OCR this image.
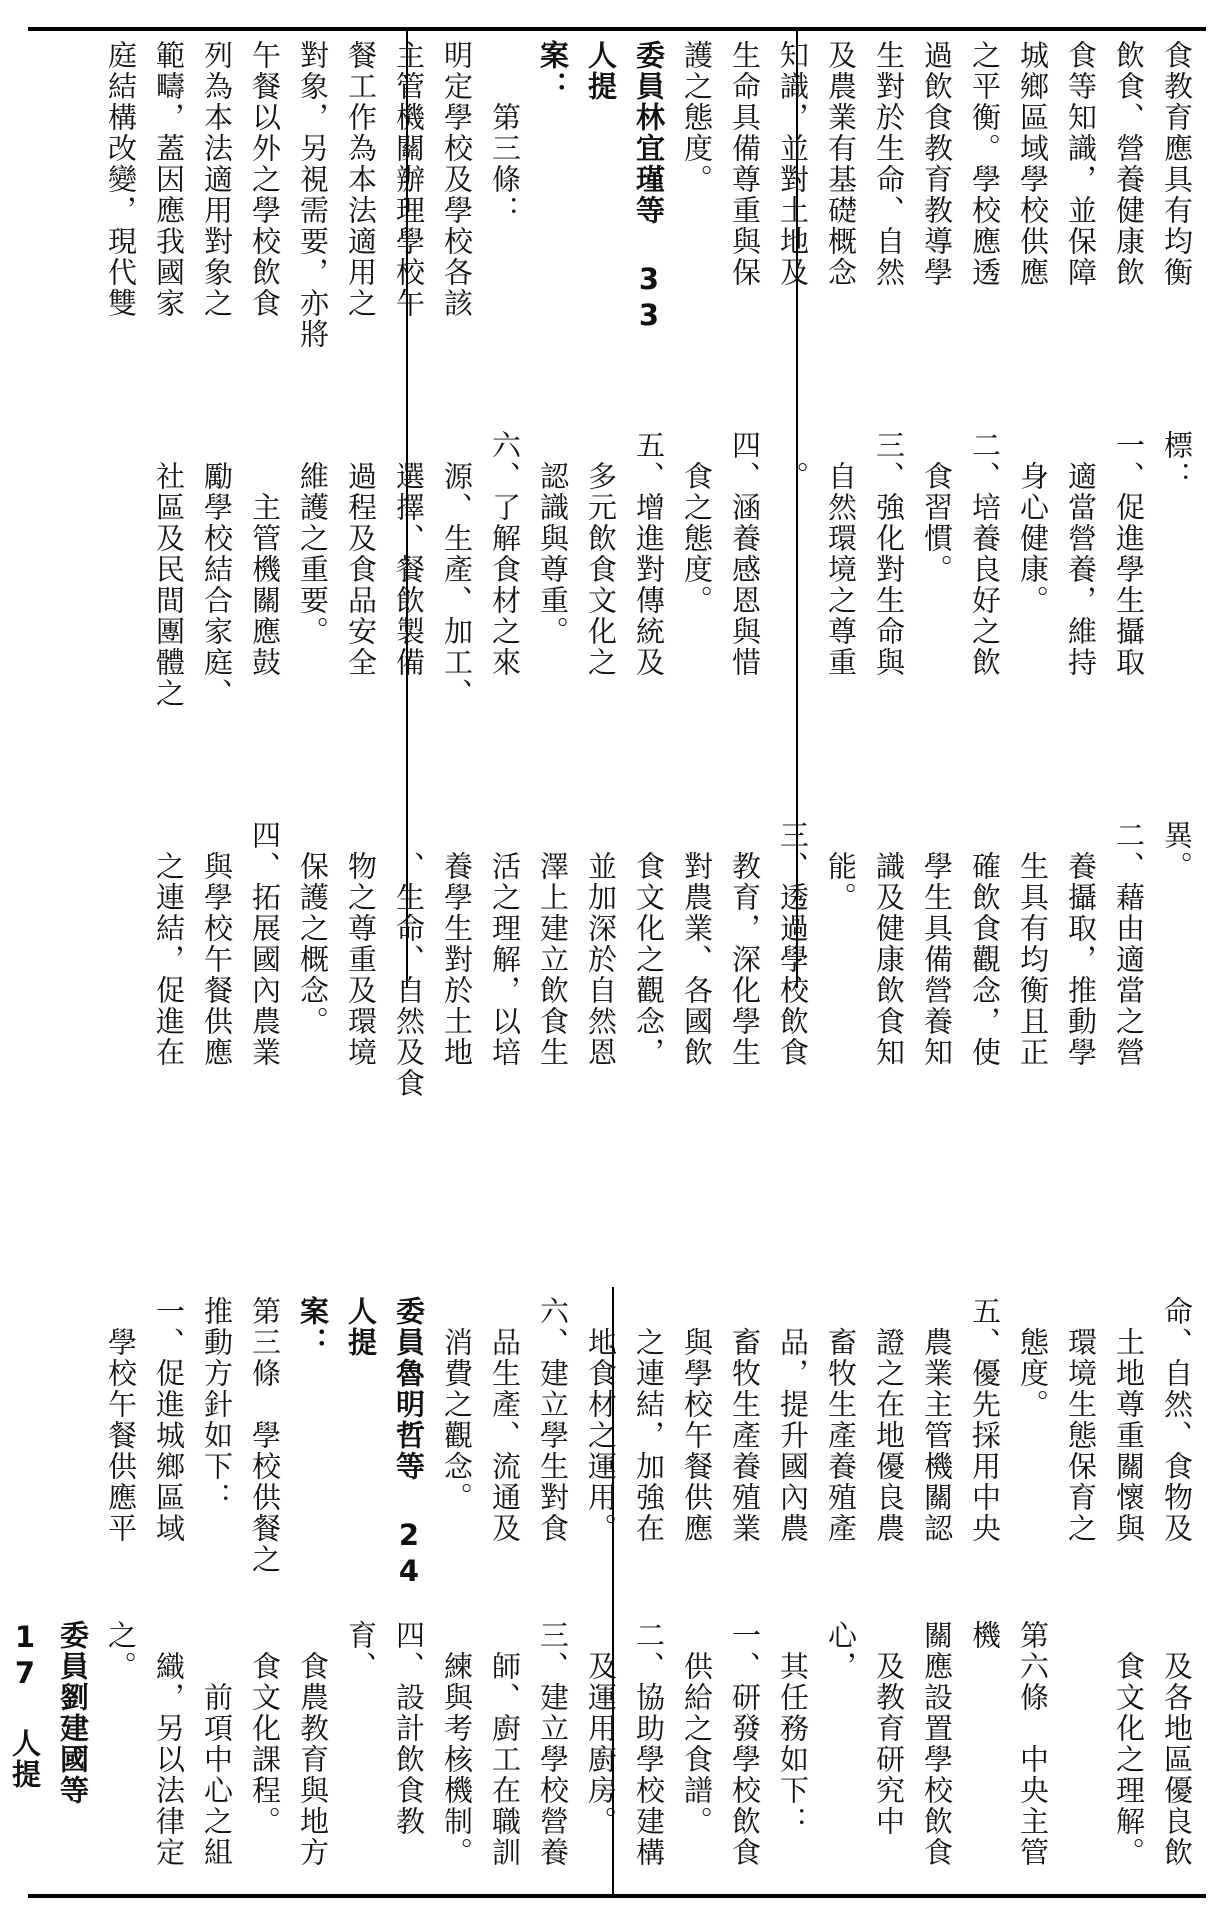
食教育應具有均衡
飲食、營養健康飲
食等知識，並保障
城鄉區域學校供應
之平衡。學校應透
過飲食教育教導學
生對於生命、自然
及農業有基礎概念
知識，並對土地及
生命具備尊重與保
護之態度。
委員林宜瑾等 33 人提
案：
　　第三條：
明定學校及學校各該
主管機關辦理學校午
餐工作為本法適用之
對象，另視需要，亦將
午餐以外之學校飲食
列為本法適用對象之
範疇，蓋因應我國家
庭結構改變，現代雙

標：
一、促進學生攝取
　適當營養，維持
　身心健康。
二、培養良好之飲
　食習慣。
三、強化對生命與
　自然環境之尊重
　。
四、涵養感恩與惜
　食之態度。
五、增進對傳統及
　多元飲食文化之
　認識與尊重。
六、了解食材之來
　源、生產、加工、
　選擇、餐飲製備
　過程及食品安全
　維護之重要。
　　主管機關應鼓
　勵學校結合家庭、
　社區及民間團體之

異。
二、藉由適當之營
　養攝取，推動學
　生具有均衡且正
　確飲食觀念，使
　學生具備營養知
　識及健康飲食知
　能。
三、透過學校飲食
　教育，深化學生
　對農業、各國飲
　食文化之觀念，
　並加深於自然恩
　澤上建立飲食生
　活之理解，以培
　養學生對於土地
　、生命、自然及食
　物之尊重及環境
　保護之概念。
四、拓展國內農業
　與學校午餐供應
　之連結，促進在

命、自然、食物及
　土地尊重關懷與
　環境生態保育之
　態度。
五、優先採用中央
　農業主管機關認
　證之在地優良農
　畜牧生產養殖產
　品，提升國內農
　畜牧生產養殖業
　與學校午餐供應
　之連結，加強在
　地食材之運用。
六、建立學生對食
　品生產、流通及
　消費之觀念。
委員魯明哲等 24 人提
案：
第三條　學校供餐之
推動方針如下：
一、促進城鄉區域
　學校午餐供應平

　及各地區優良飲
　食文化之理解。

第六條　中央主管機
關應設置學校飲食
　及教育研究中心，
　其任務如下：
一、研發學校飲食
　供給之食譜。
二、協助學校建構
　及運用廚房。
三、建立學校營養
　師、廚工在職訓
　練與考核機制。
四、設計飲食教育、
　食農教育與地方
　食文化課程。
　　前項中心之組
　織，另以法律定之。
委員劉建國等 17 人提
